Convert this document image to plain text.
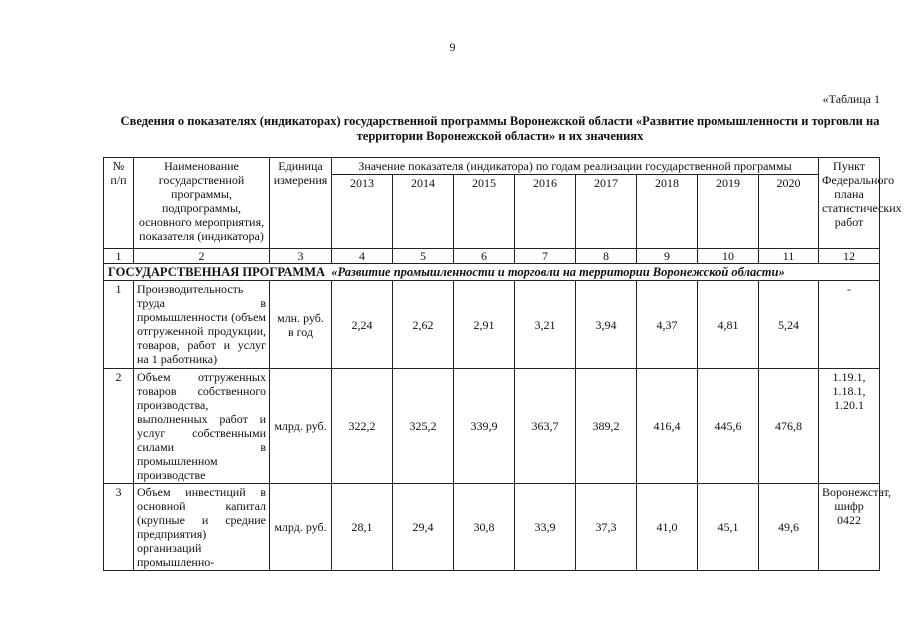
9
«Таблица 1
Сведения о показателях (индикаторах) государственной программы Воронежской области «Развитие промышленности и торговли на территории Воронежской области» и их значениях
№ п/п	Наименование государственной программы, подпрограммы, основного мероприятия, показателя (индикатора)	Единица измерения	Значение показателя (индикатора) по годам реализации государственной программы								Пункт Федерального плана статистических работ
			2013	2014	2015	2016	2017	2018	2019	2020	
1	2	3	4	5	6	7	8	9	10	11	12
ГОСУДАРСТВЕННАЯ ПРОГРАММА «Развитие промышленности и торговли на территории Воронежской области»											
1	Производительность труда в промышленности (объем отгруженной продукции, товаров, работ и услуг на 1 работника)	млн. руб. в год	2,24	2,62	2,91	3,21	3,94	4,37	4,81	5,24	-
2	Объем отгруженных товаров собственного производства, выполненных работ и услуг собственными силами в промышленном производстве	млрд. руб.	322,2	325,2	339,9	363,7	389,2	416,4	445,6	476,8	1.19.1, 1.18.1, 1.20.1
3	Объем инвестиций в основной капитал (крупные и средние предприятия) организаций промышленно-	млрд. руб.	28,1	29,4	30,8	33,9	37,3	41,0	45,1	49,6	Воронежстат, шифр 0422
